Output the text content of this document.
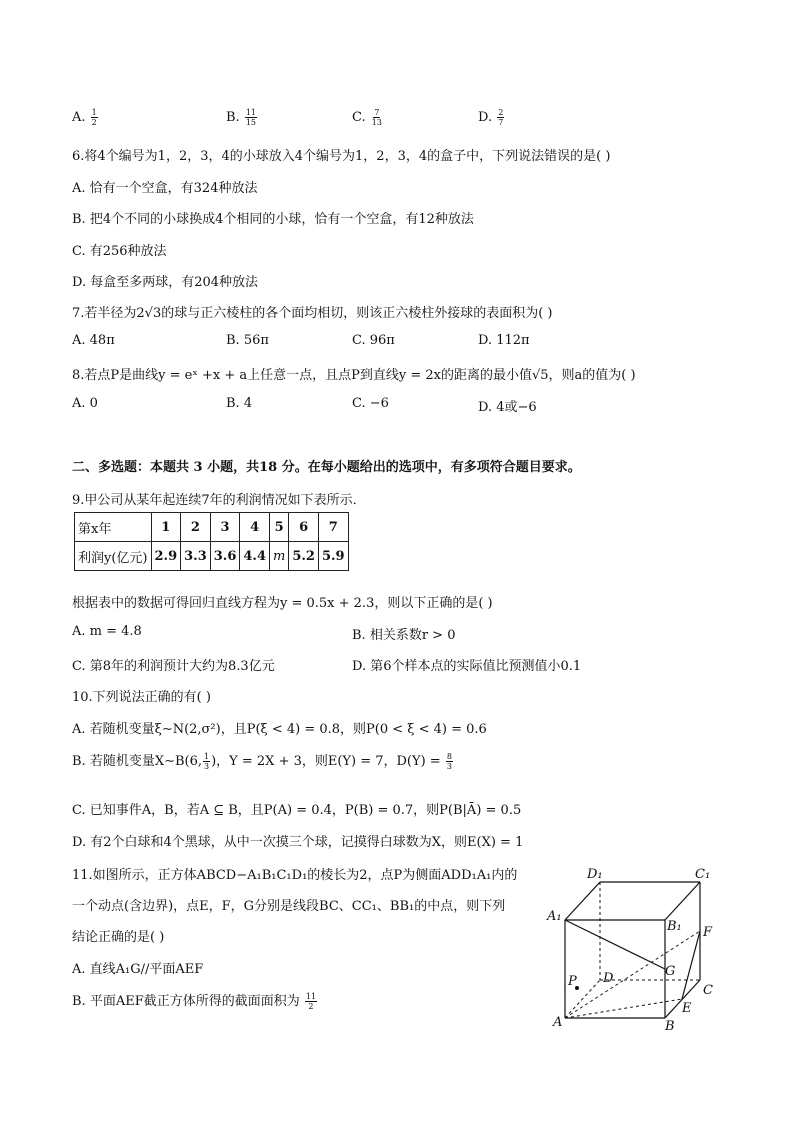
A. $\frac{1}{2}$	B. $\frac{11}{15}$	C. $\frac{7}{13}$	D. $\frac{2}{7}$
6.将4个编号为1，2，3，4的小球放入4个编号为1，2，3，4的盒子中，下列说法错误的是( )
A. 恰有一个空盒，有324种放法
B. 把4个不同的小球换成4个相同的小球，恰有一个空盒，有12种放法
C. 有256种放法
D. 每盒至多两球，有204种放法
7.若半径为2√3的球与正六棱柱的各个面均相切，则该正六棱柱外接球的表面积为( )
A. 48π	B. 56π	C. 96π	D. 112π
8.若点P是曲线y = eˣ +x + a上任意一点，且点P到直线y = 2x的距离的最小值√5，则a的值为( )
A. 0	B. 4	C. −6	D. 4或−6
二、多选题：本题共 3 小题，共18 分。在每小题给出的选项中，有多项符合题目要求。
9.甲公司从某年起连续7年的利润情况如下表所示．
第x年	1	2	3	4	5	6	7
利润y(亿元)	2.9	3.3	3.6	4.4	m	5.2	5.9
根据表中的数据可得回归直线方程为y = 0.5x + 2.3，则以下正确的是( )
A. m = 4.8	B. 相关系数r > 0
C. 第8年的利润预计大约为8.3亿元	D. 第6个样本点的实际值比预测值小0.1
10.下列说法正确的有( )
A. 若随机变量ξ∼N(2,σ²)，且P(ξ < 4) = 0.8，则P(0 < ξ < 4) = 0.6
B. 若随机变量X∼B(6, $\frac{1}{3}$ )，Y = 2X + 3，则E(Y) = 7，$D(Y) = \frac{8}{3}$
C. 已知事件A，B，若A ⊆ B，且P(A) = 0.4，P(B) = 0.7，则P(B|Ā) = 0.5
D. 有2个白球和4个黑球，从中一次摸三个球，记摸得白球数为X，则E(X) = 1
11.如图所示，正方体ABCD−A₁B₁C₁D₁的棱长为2，点P为侧面ADD₁A₁内的
一个动点(含边界)，点E，F，G分别是线段BC、CC₁、BB₁的中点，则下列
结论正确的是( )
A. 直线A₁G//平面AEF
B. 平面AEF截正方体所得的截面面积为 $\frac{11}{2}$
D₁	C₁
A₁
B₁ F
P D	G
C
E
A	B
